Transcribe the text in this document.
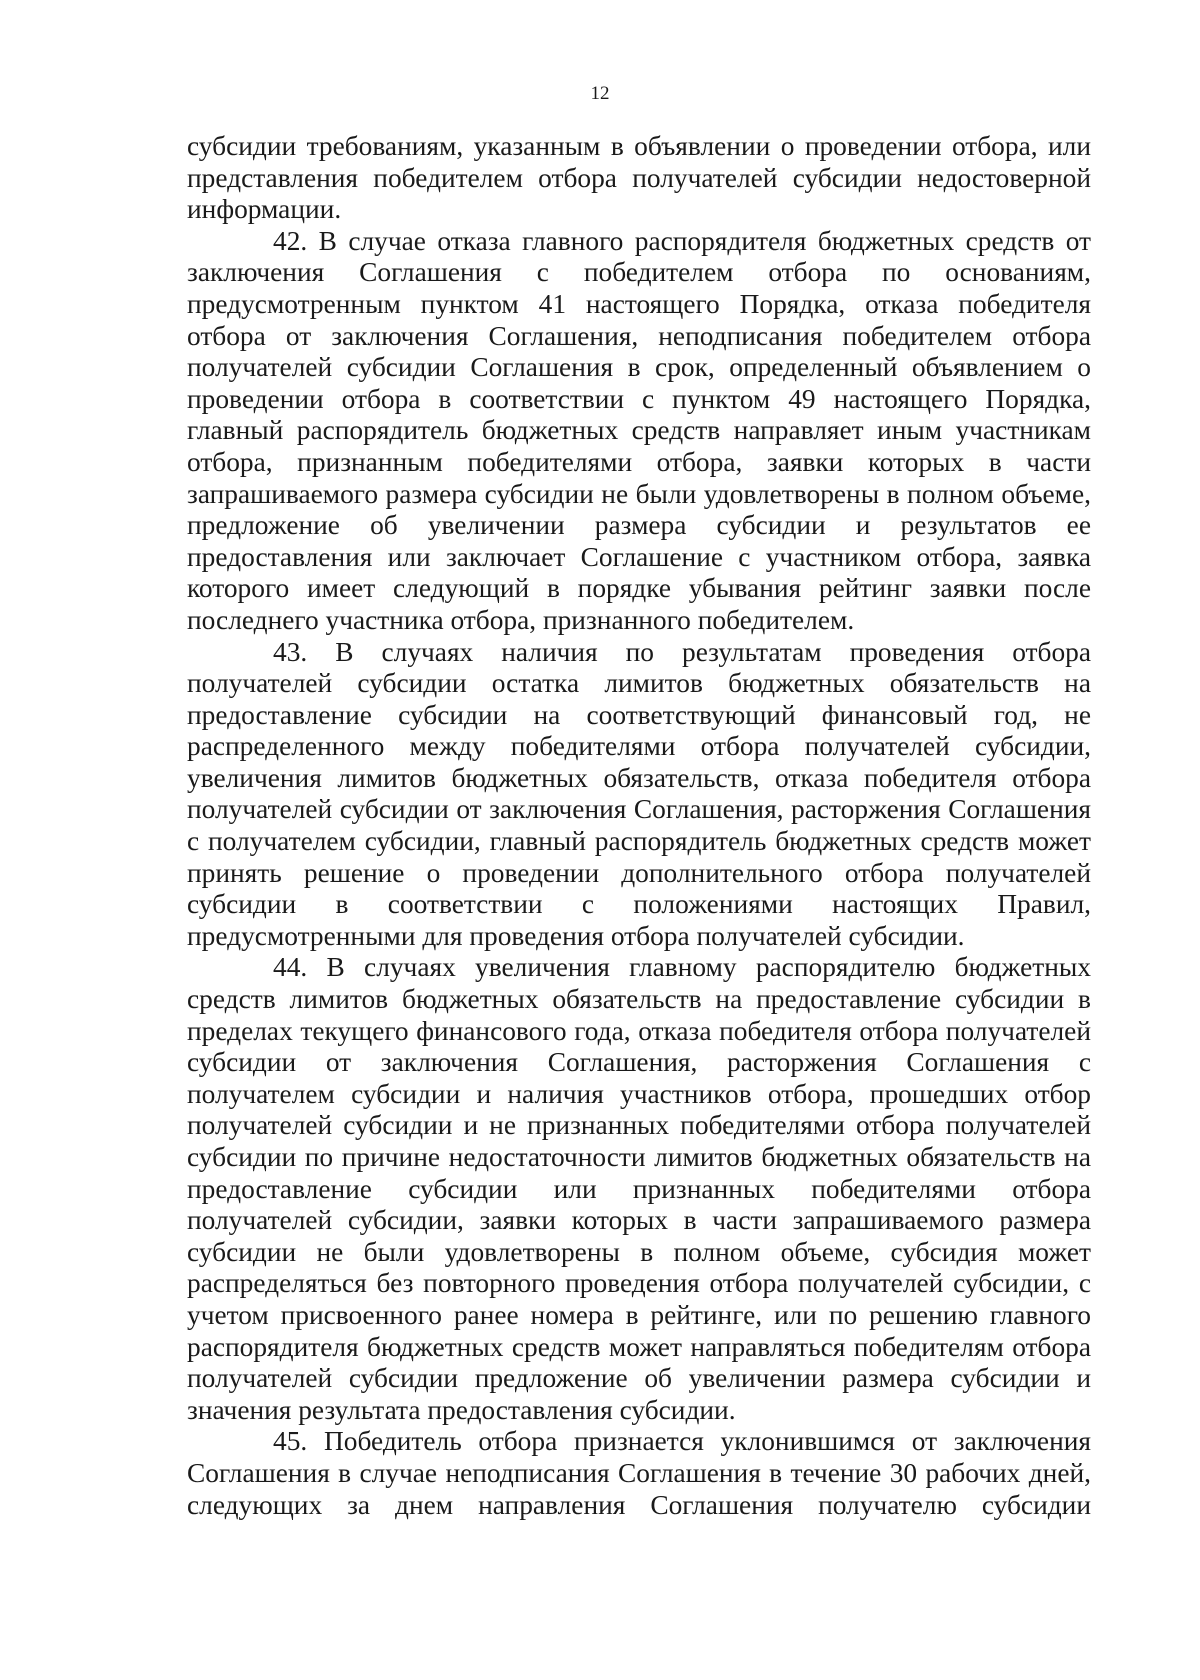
12

субсидии требованиям, указанным в объявлении о проведении отбора, или представления победителем отбора получателей субсидии недостоверной информации.

42. В случае отказа главного распорядителя бюджетных средств от заключения Соглашения с победителем отбора по основаниям, предусмотренным пунктом 41 настоящего Порядка, отказа победителя отбора от заключения Соглашения, неподписания победителем отбора получателей субсидии Соглашения в срок, определенный объявлением о проведении отбора в соответствии с пунктом 49 настоящего Порядка, главный распорядитель бюджетных средств направляет иным участникам отбора, признанным победителями отбора, заявки которых в части запрашиваемого размера субсидии не были удовлетворены в полном объеме, предложение об увеличении размера субсидии и результатов ее предоставления или заключает Соглашение с участником отбора, заявка которого имеет следующий в порядке убывания рейтинг заявки после последнего участника отбора, признанного победителем.

43. В случаях наличия по результатам проведения отбора получателей субсидии остатка лимитов бюджетных обязательств на предоставление субсидии на соответствующий финансовый год, не распределенного между победителями отбора получателей субсидии, увеличения лимитов бюджетных обязательств, отказа победителя отбора получателей субсидии от заключения Соглашения, расторжения Соглашения с получателем субсидии, главный распорядитель бюджетных средств может принять решение о проведении дополнительного отбора получателей субсидии в соответствии с положениями настоящих Правил, предусмотренными для проведения отбора получателей субсидии.

44. В случаях увеличения главному распорядителю бюджетных средств лимитов бюджетных обязательств на предоставление субсидии в пределах текущего финансового года, отказа победителя отбора получателей субсидии от заключения Соглашения, расторжения Соглашения с получателем субсидии и наличия участников отбора, прошедших отбор получателей субсидии и не признанных победителями отбора получателей субсидии по причине недостаточности лимитов бюджетных обязательств на предоставление субсидии или признанных победителями отбора получателей субсидии, заявки которых в части запрашиваемого размера субсидии не были удовлетворены в полном объеме, субсидия может распределяться без повторного проведения отбора получателей субсидии, с учетом присвоенного ранее номера в рейтинге, или по решению главного распорядителя бюджетных средств может направляться победителям отбора получателей субсидии предложение об увеличении размера субсидии и значения результата предоставления субсидии.

45. Победитель отбора признается уклонившимся от заключения Соглашения в случае неподписания Соглашения в течение 30 рабочих дней, следующих за днем направления Соглашения получателю субсидии
